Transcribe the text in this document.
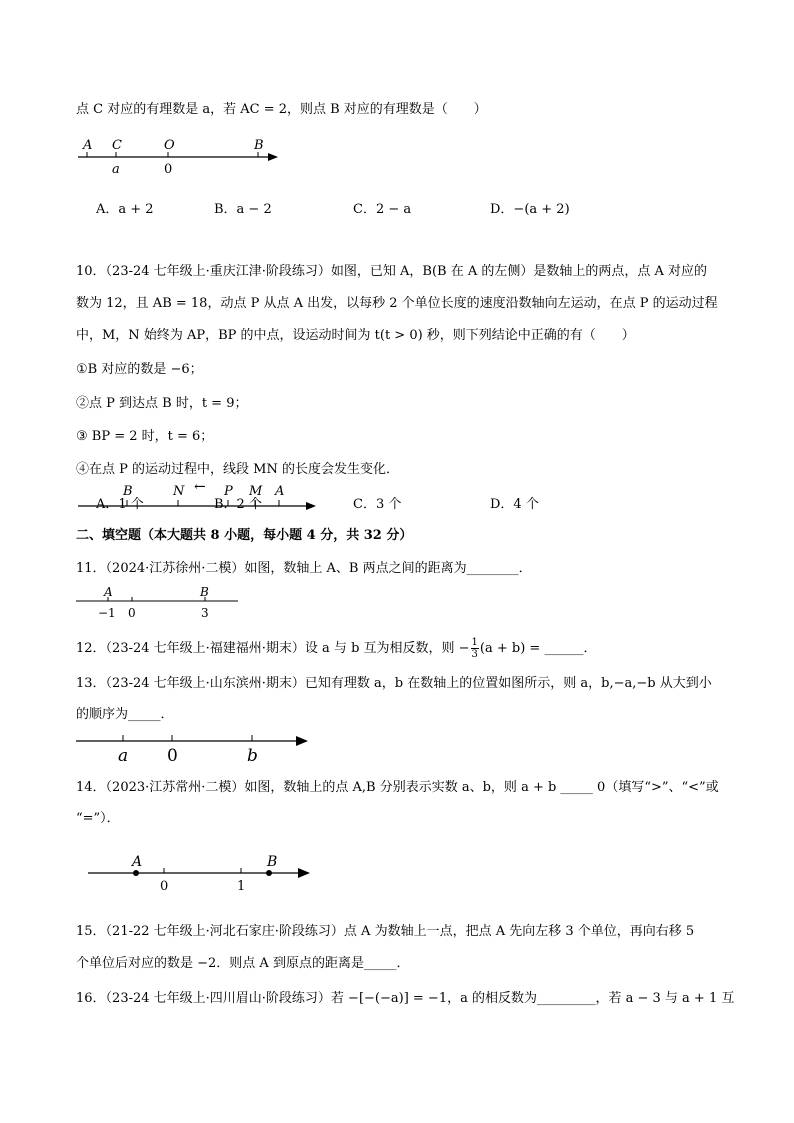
点 C 对应的有理数是 a，若 AC = 2，则点 B 对应的有理数是（　　）
A C	O	B
a	0
A．a + 2	B．a − 2	C．2 − a	D．−(a + 2)
10．（23-24 七年级上·重庆江津·阶段练习）如图，已知 A，B(B 在 A 的左侧）是数轴上的两点，点 A 对应的
数为 12，且 AB = 18，动点 P 从点 A 出发，以每秒 2 个单位长度的速度沿数轴向左运动，在点 P 的运动过程
中，M，N 始终为 AP，BP 的中点，设运动时间为 t(t > 0) 秒，则下列结论中正确的有（　　）
①B 对应的数是 −6；
②点 P 到达点 B 时，t = 9；
③ BP = 2 时，t = 6；
④在点 P 的运动过程中，线段 MN 的长度会发生变化．
B	N	P M A
←
A．1 个	B．2 个	C．3 个	D．4 个
二、填空题（本大题共 8 小题，每小题 4 分，共 32 分）
11．（2024·江苏徐州·二模）如图，数轴上 A、B 两点之间的距离为________．
A	B
−1 0	3
12．（23-24 七年级上·福建福州·期末）设 a 与 b 互为相反数，则 − $\frac{1}{3} (a + b)$ = ______．
13．（23-24 七年级上·山东滨州·期末）已知有理数 a，b 在数轴上的位置如图所示，则 a，b,−a,−b 从大到小
的顺序为_____．
a 0	b
14．（2023·江苏常州·二模）如图，数轴上的点 A,B 分别表示实数 a、b，则 a + b _____ 0（填写“>”、“<”或
“=”）．
A	B
0	1
15．（21-22 七年级上·河北石家庄·阶段练习）点 A 为数轴上一点，把点 A 先向左移 3 个单位，再向右移 5
个单位后对应的数是 −2．则点 A 到原点的距离是_____．
16．（23-24 七年级上·四川眉山·阶段练习）若 −[−(−a)] = −1，a 的相反数为_________，若 a − 3 与 a + 1 互
